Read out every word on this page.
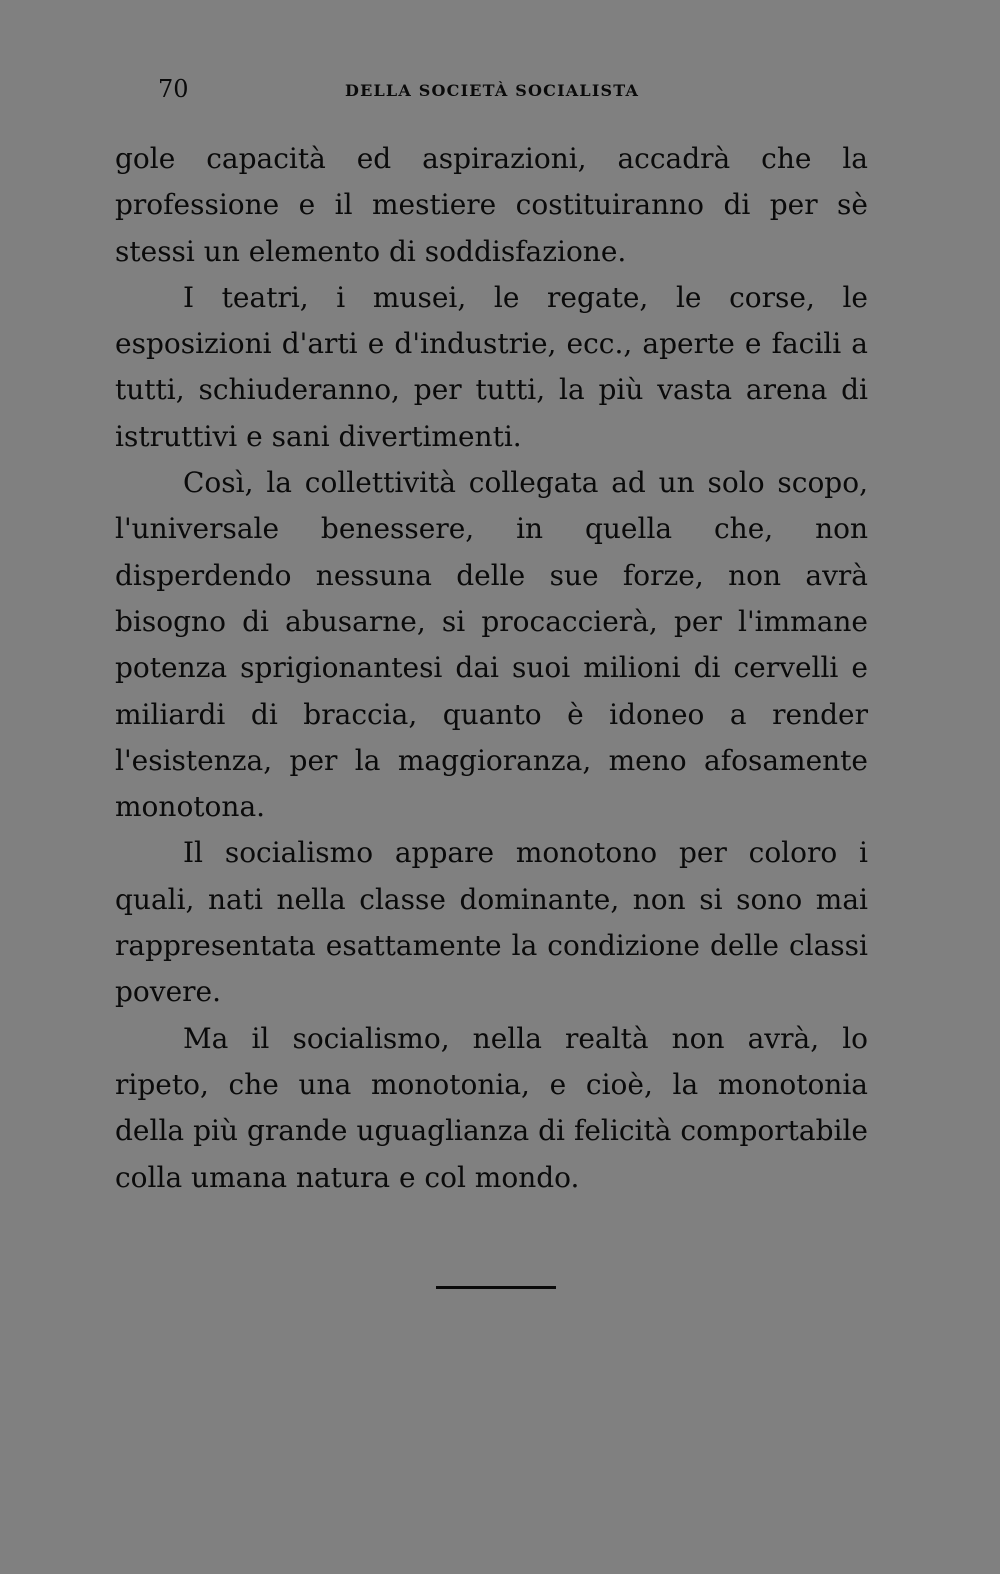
70	DELLA SOCIETÀ SOCIALISTA

gole capacità ed aspirazioni, accadrà che la professione e il mestiere costituiranno di per sè stessi un elemento di soddisfazione.

I teatri, i musei, le regate, le corse, le esposizioni d'arti e d'industrie, ecc., aperte e facili a tutti, schiuderanno, per tutti, la più vasta arena di istruttivi e sani divertimenti.

Così, la collettività collegata ad un solo scopo, l'universale benessere, in quella che, non disperdendo nessuna delle sue forze, non avrà bisogno di abusarne, si procaccierà, per l'immane potenza sprigionantesi dai suoi milioni di cervelli e miliardi di braccia, quanto è idoneo a render l'esistenza, per la maggioranza, meno afosamente monotona.

Il socialismo appare monotono per coloro i quali, nati nella classe dominante, non si sono mai rappresentata esattamente la condizione delle classi povere.

Ma il socialismo, nella realtà non avrà, lo ripeto, che una monotonia, e cioè, la monotonia della più grande uguaglianza di felicità comportabile colla umana natura e col mondo.
